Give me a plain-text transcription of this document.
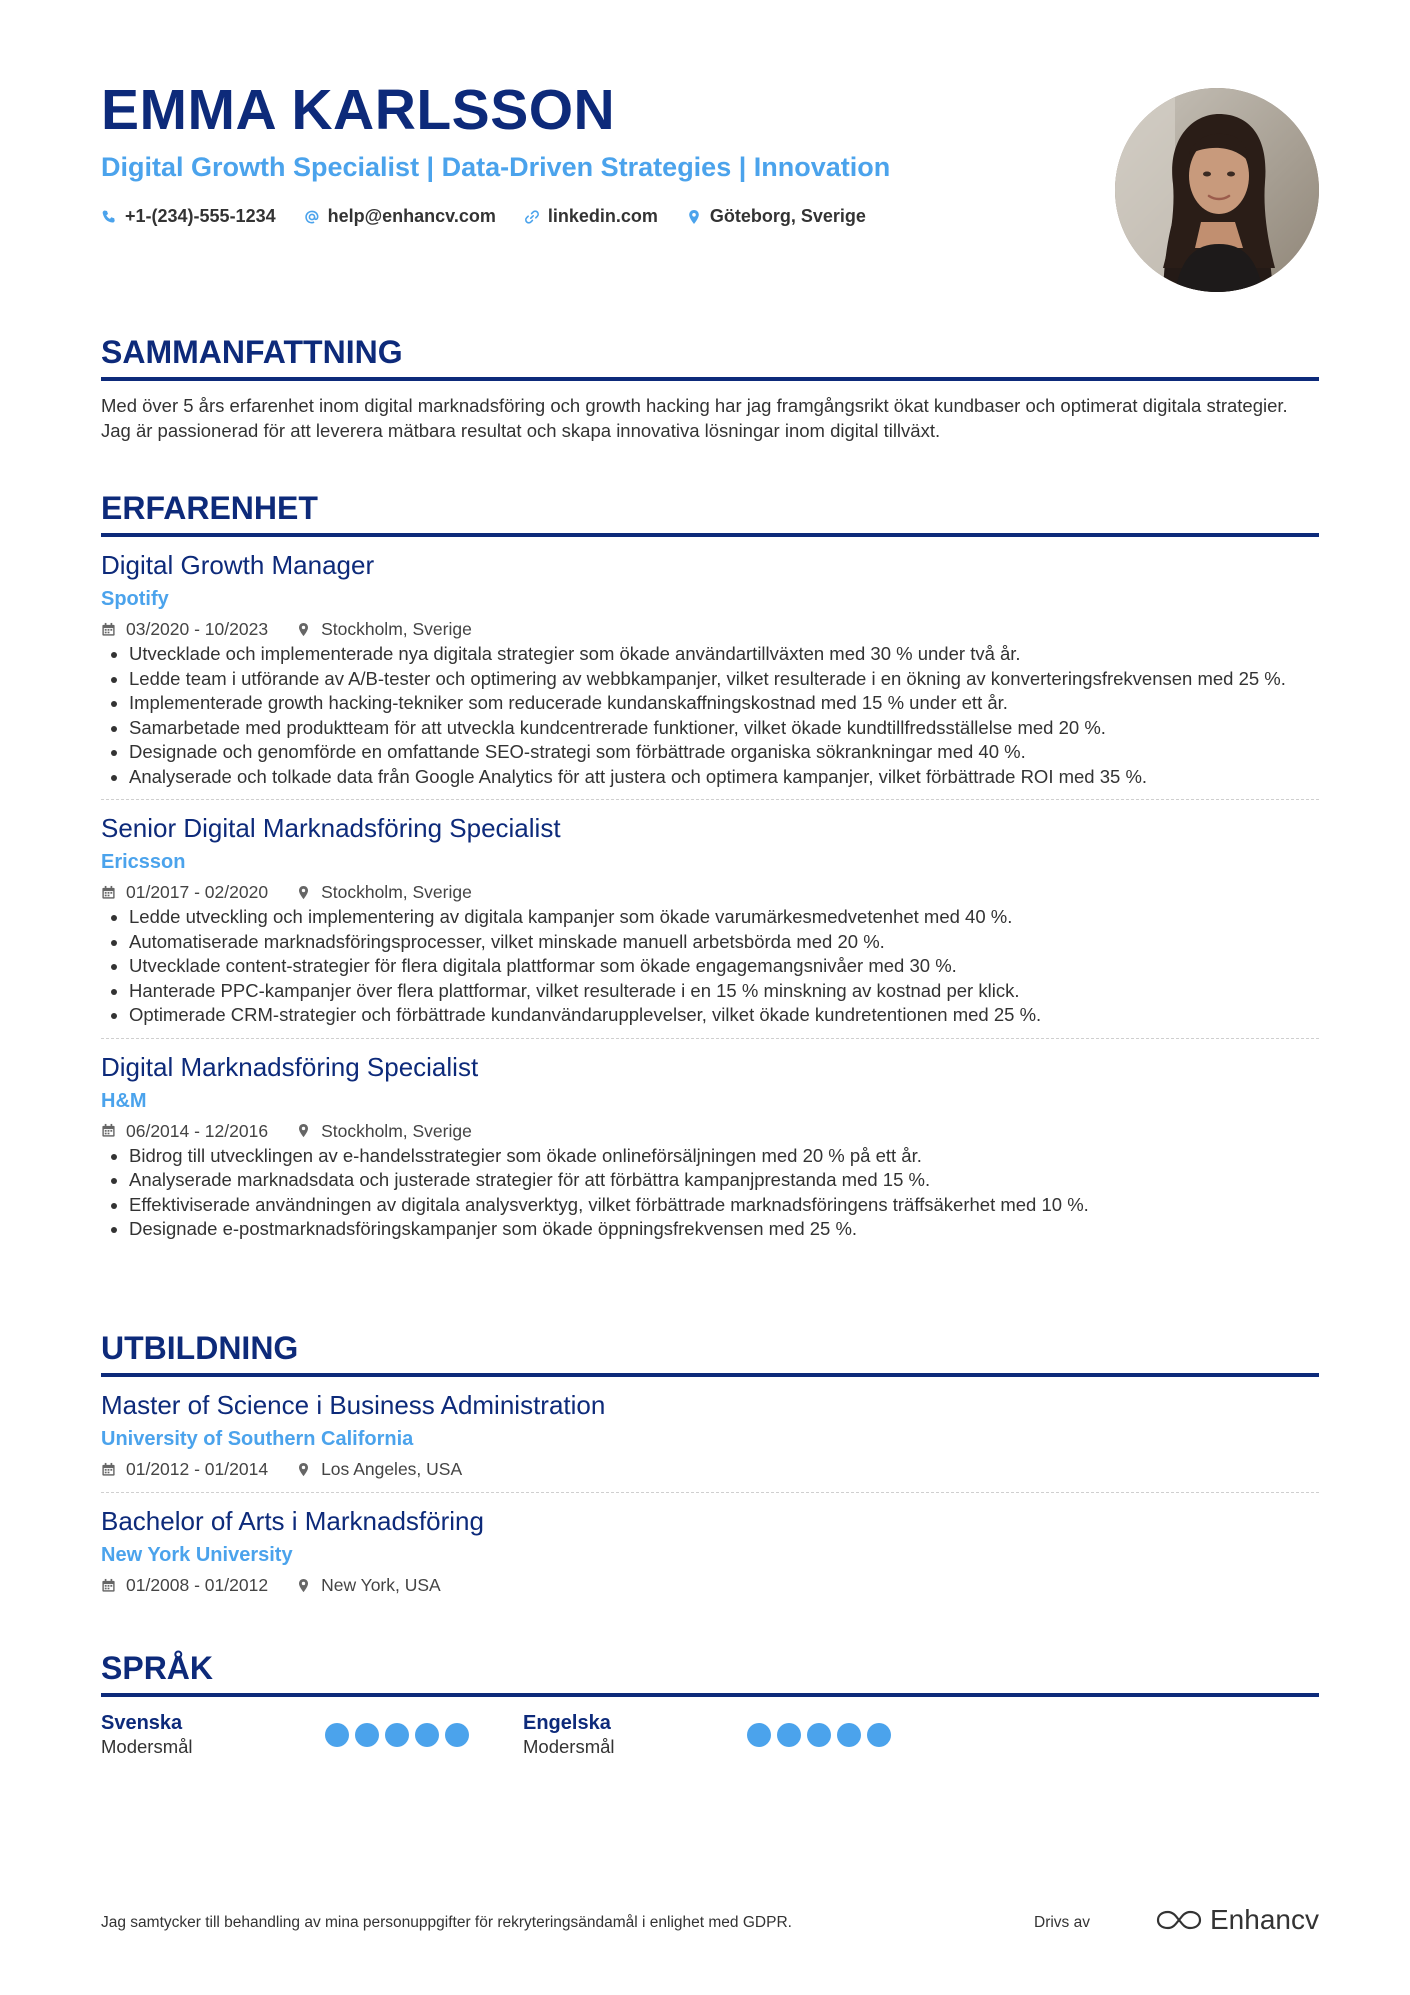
EMMA KARLSSON
Digital Growth Specialist | Data-Driven Strategies | Innovation
+1-(234)-555-1234	help@enhancv.com	linkedin.com	Göteborg, Sverige
SAMMANFATTNING
Med över 5 års erfarenhet inom digital marknadsföring och growth hacking har jag framgångsrikt ökat kundbaser och optimerat digitala strategier. Jag är passionerad för att leverera mätbara resultat och skapa innovativa lösningar inom digital tillväxt.
ERFARENHET
Digital Growth Manager
Spotify
03/2020 - 10/2023	Stockholm, Sverige
• Utvecklade och implementerade nya digitala strategier som ökade användartillväxten med 30 % under två år.
• Ledde team i utförande av A/B-tester och optimering av webbkampanjer, vilket resulterade i en ökning av konverteringsfrekvensen med 25 %.
• Implementerade growth hacking-tekniker som reducerade kundanskaffningskostnad med 15 % under ett år.
• Samarbetade med produktteam för att utveckla kundcentrerade funktioner, vilket ökade kundtillfredsställelse med 20 %.
• Designade och genomförde en omfattande SEO-strategi som förbättrade organiska sökrankningar med 40 %.
• Analyserade och tolkade data från Google Analytics för att justera och optimera kampanjer, vilket förbättrade ROI med 35 %.
Senior Digital Marknadsföring Specialist
Ericsson
01/2017 - 02/2020	Stockholm, Sverige
• Ledde utveckling och implementering av digitala kampanjer som ökade varumärkesmedvetenhet med 40 %.
• Automatiserade marknadsföringsprocesser, vilket minskade manuell arbetsbörda med 20 %.
• Utvecklade content-strategier för flera digitala plattformar som ökade engagemangsnivåer med 30 %.
• Hanterade PPC-kampanjer över flera plattformar, vilket resulterade i en 15 % minskning av kostnad per klick.
• Optimerade CRM-strategier och förbättrade kundanvändarupplevelser, vilket ökade kundretentionen med 25 %.
Digital Marknadsföring Specialist
H&M
06/2014 - 12/2016	Stockholm, Sverige
• Bidrog till utvecklingen av e-handelsstrategier som ökade onlineförsäljningen med 20 % på ett år.
• Analyserade marknadsdata och justerade strategier för att förbättra kampanjprestanda med 15 %.
• Effektiviserade användningen av digitala analysverktyg, vilket förbättrade marknadsföringens träffsäkerhet med 10 %.
• Designade e-postmarknadsföringskampanjer som ökade öppningsfrekvensen med 25 %.
UTBILDNING
Master of Science i Business Administration
University of Southern California
01/2012 - 01/2014	Los Angeles, USA
Bachelor of Arts i Marknadsföring
New York University
01/2008 - 01/2012	New York, USA
SPRÅK
Svenska
Modersmål
Engelska
Modersmål
Jag samtycker till behandling av mina personuppgifter för rekryteringsändamål i enlighet med GDPR.	Drivs av	Enhancv
